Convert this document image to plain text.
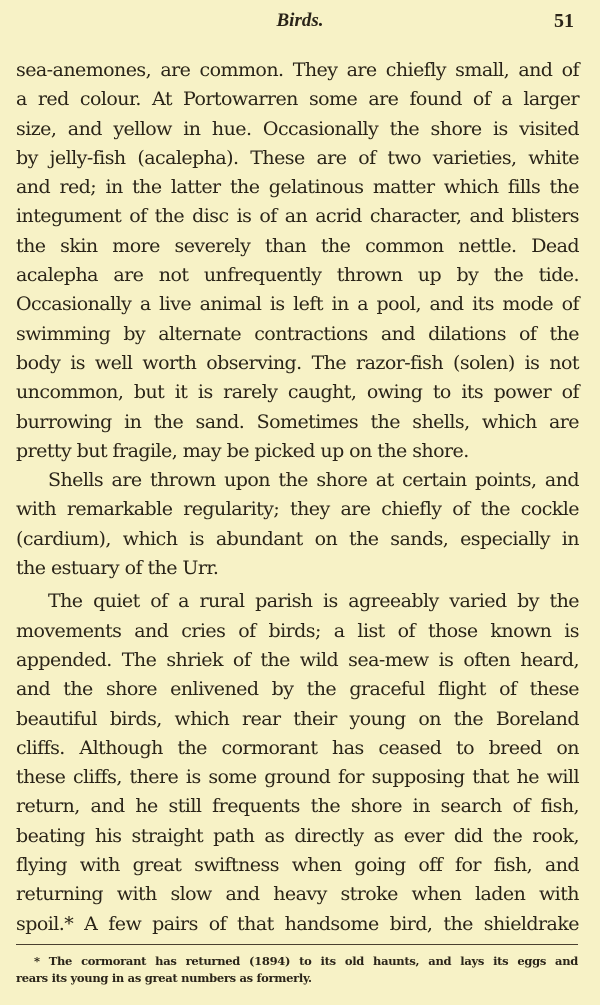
Birds.	51
sea-anemones, are common. They are chiefly small, and of
a red colour. At Portowarren some are found of a larger
size, and yellow in hue. Occasionally the shore is visited
by jelly-fish (acalepha). These are of two varieties, white
and red; in the latter the gelatinous matter which fills the
integument of the disc is of an acrid character, and blisters
the skin more severely than the common nettle. Dead
acalepha are not unfrequently thrown up by the tide.
Occasionally a live animal is left in a pool, and its mode of
swimming by alternate contractions and dilations of the
body is well worth observing. The razor-fish (solen) is not
uncommon, but it is rarely caught, owing to its power of
burrowing in the sand. Sometimes the shells, which are
pretty but fragile, may be picked up on the shore.
Shells are thrown upon the shore at certain points, and
with remarkable regularity; they are chiefly of the cockle
(cardium), which is abundant on the sands, especially in
the estuary of the Urr.
The quiet of a rural parish is agreeably varied by the
movements and cries of birds; a list of those known is
appended. The shriek of the wild sea-mew is often heard,
and the shore enlivened by the graceful flight of these
beautiful birds, which rear their young on the Boreland
cliffs. Although the cormorant has ceased to breed on
these cliffs, there is some ground for supposing that he will
return, and he still frequents the shore in search of fish,
beating his straight path as directly as ever did the rook,
flying with great swiftness when going off for fish, and
returning with slow and heavy stroke when laden with
spoil.* A few pairs of that handsome bird, the shieldrake
* The cormorant has returned (1894) to its old haunts, and lays its eggs and
rears its young in as great numbers as formerly.
